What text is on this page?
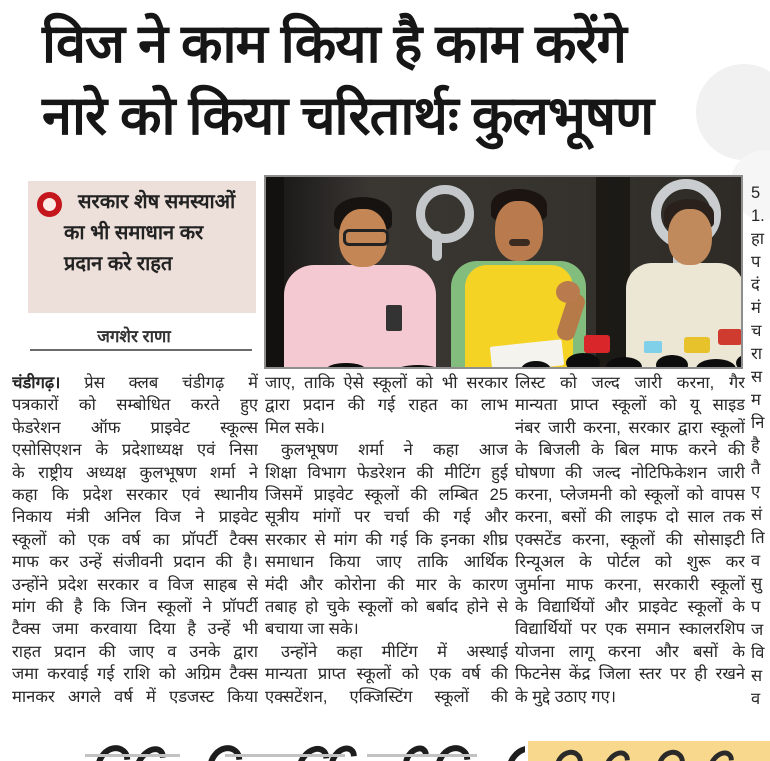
विज ने काम किया है काम करेंगे
नारे को किया चरितार्थः कुलभूषण
सरकार शेष समस्याओं का भी समाधान कर प्रदान करे राहत
जगशेर राणा
चंडीगढ़। प्रेस क्लब चंडीगढ़ में
पत्रकारों को सम्बोधित करते हुए
फेडरेशन ऑफ प्राइवेट स्कूल्स
एसोसिएशन के प्रदेशाध्यक्ष एवं निसा
के राष्ट्रीय अध्यक्ष कुलभूषण शर्मा ने
कहा कि प्रदेश सरकार एवं स्थानीय
निकाय मंत्री अनिल विज ने प्राइवेट
स्कूलों को एक वर्ष का प्रॉपर्टी टैक्स
माफ कर उन्हें संजीवनी प्रदान की है।
उन्होंने प्रदेश सरकार व विज साहब से
मांग की है कि जिन स्कूलों ने प्रॉपर्टी
टैक्स जमा करवाया दिया है उन्हें भी
राहत प्रदान की जाए व उनके द्वारा
जमा करवाई गई राशि को अग्रिम टैक्स
मानकर अगले वर्ष में एडजस्ट किया
जाए, ताकि ऐसे स्कूलों को भी सरकार
द्वारा प्रदान की गई राहत का लाभ
मिल सके।
कुलभूषण शर्मा ने कहा आज
शिक्षा विभाग फेडरेशन की मीटिंग हुई
जिसमें प्राइवेट स्कूलों की लम्बित 25
सूत्रीय मांगों पर चर्चा की गई और
सरकार से मांग की गई कि इनका शीघ्र
समाधान किया जाए ताकि आर्थिक
मंदी और कोरोना की मार के कारण
तबाह हो चुके स्कूलों को बर्बाद होने से
बचाया जा सके।
उन्होंने कहा मीटिंग में अस्थाई
मान्यता प्राप्त स्कूलों को एक वर्ष की
एक्सटेंशन, एक्जिस्टिंग स्कूलों की
लिस्ट को जल्द जारी करना, गैर
मान्यता प्राप्त स्कूलों को यू साइड
नंबर जारी करना, सरकार द्वारा स्कूलों
के बिजली के बिल माफ करने की
घोषणा की जल्द नोटिफिकेशन जारी
करना, प्लेजमनी को स्कूलों को वापस
करना, बसों की लाइफ दो साल तक
एक्सटेंड करना, स्कूलों की सोसाइटी
रिन्यूअल के पोर्टल को शुरू कर
जुर्माना माफ करना, सरकारी स्कूलों
के विद्यार्थियों और प्राइवेट स्कूलों के
विद्यार्थियों पर एक समान स्कालरशिप
योजना लागू करना और बसों के
फिटनेस केंद्र जिला स्तर पर ही रखने
के मुद्दे उठाए गए।
5
1.
हा
प
दं
मं
च
रा
स
म
नि
है
तै
ए
सं
ति
व
सु
प
ज
वि
स
व
